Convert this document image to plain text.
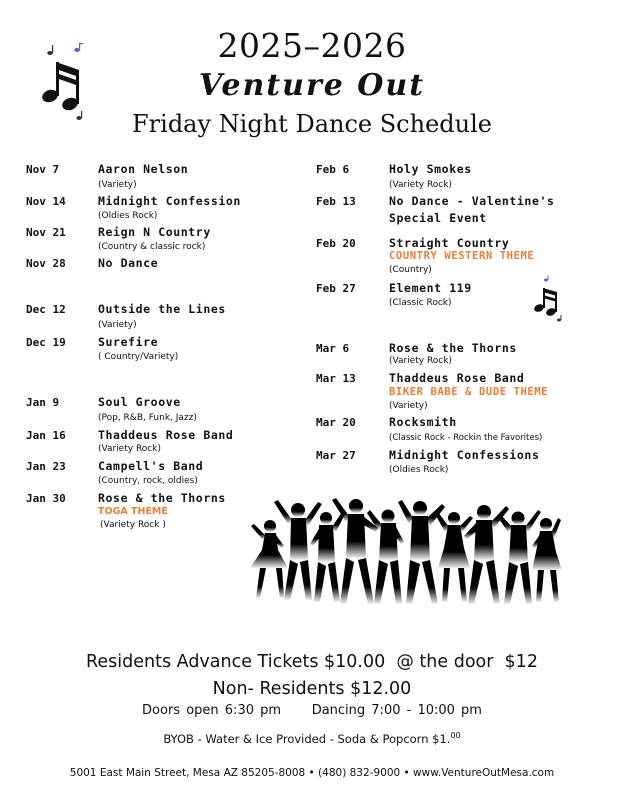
2025–2026
Venture Out
Friday Night Dance Schedule
Nov 7	Aaron Nelson
(Variety)
Nov 14	Midnight Confession
(Oldies Rock)
Nov 21	Reign N Country
(Country & classic rock)
Nov 28	No Dance
Dec 12	Outside the Lines
(Variety)
Dec 19	Surefire
( Country/Variety)
Jan 9	Soul Groove
(Pop, R&B, Funk, Jazz)
Jan 16	Thaddeus Rose Band
(Variety Rock)
Jan 23	Campell's Band
(Country, rock, oldies)
Jan 30	Rose & the Thorns
TOGA THEME
(Variety Rock )
Feb 6	Holy Smokes
(Variety Rock)
Feb 13	No Dance - Valentine's
Special Event
Feb 20	Straight Country
COUNTRY WESTERN THEME
(Country)
Feb 27	Element 119
(Classic Rock)
Mar 6	Rose & the Thorns
(Variety Rock)
Mar 13	Thaddeus Rose Band
BIKER BABE & DUDE THEME
(Variety)
Mar 20	Rocksmith
(Classic Rock - Rockin the Favorites)
Mar 27	Midnight Confessions
(Oldies Rock)
Residents Advance Tickets $10.00  @ the door  $12
Non- Residents $12.00
Doors open 6:30 pm     Dancing 7:00 - 10:00 pm
BYOB - Water & Ice Provided - Soda & Popcorn $1.00
5001 East Main Street, Mesa AZ 85205-8008 • (480) 832-9000 • www.VentureOutMesa.com
